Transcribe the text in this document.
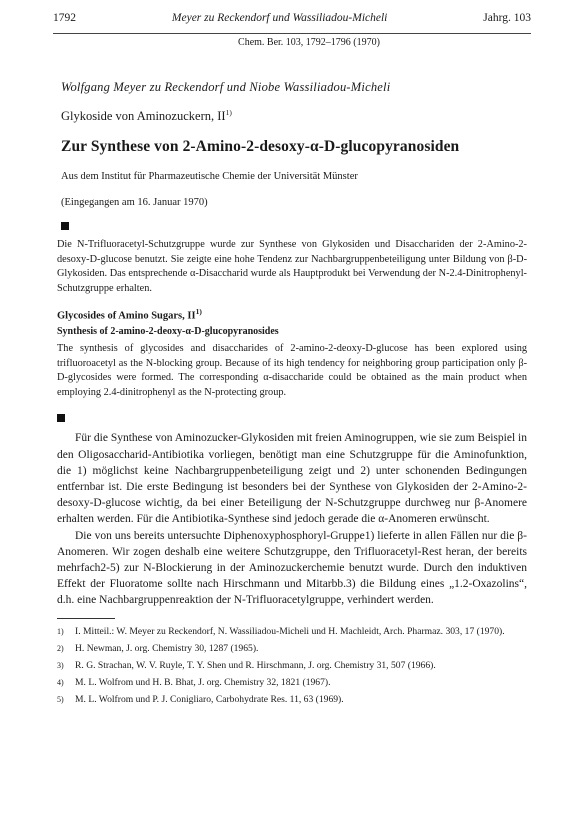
1792	Meyer zu Reckendorf und Wassiliadou-Micheli	Jahrg. 103
Chem. Ber. 103, 1792–1796 (1970)
Wolfgang Meyer zu Reckendorf und Niobe Wassiliadou-Micheli
Glykoside von Aminozuckern, II$^{1)}$
Zur Synthese von 2-Amino-2-desoxy-α-D-glucopyranosiden
Aus dem Institut für Pharmazeutische Chemie der Universität Münster
(Eingegangen am 16. Januar 1970)
Die N-Trifluoracetyl-Schutzgruppe wurde zur Synthese von Glykosiden und Disacchariden der 2-Amino-2-desoxy-D-glucose benutzt. Sie zeigte eine hohe Tendenz zur Nachbargruppenbeteiligung unter Bildung von β-D-Glykosiden. Das entsprechende α-Disaccharid wurde als Hauptprodukt bei Verwendung der N-2.4-Dinitrophenyl-Schutzgruppe erhalten.
Glycosides of Amino Sugars, II$^{1)}$
Synthesis of 2-amino-2-deoxy-α-D-glucopyranosides
The synthesis of glycosides and disaccharides of 2-amino-2-deoxy-D-glucose has been explored using trifluoroacetyl as the N-blocking group. Because of its high tendency for neighboring group participation only β-D-glycosides were formed. The corresponding α-disaccharide could be obtained as the main product when employing 2.4-dinitrophenyl as the N-protecting group.

Für die Synthese von Aminozucker-Glykosiden mit freien Aminogruppen, wie sie zum Beispiel in den Oligosaccharid-Antibiotika vorliegen, benötigt man eine Schutzgruppe für die Aminofunktion, die 1) möglichst keine Nachbargruppenbeteiligung zeigt und 2) unter schonenden Bedingungen entfernbar ist. Die erste Bedingung ist besonders bei der Synthese von Glykosiden der 2-Amino-2-desoxy-D-glucose wichtig, da bei einer Beteiligung der N-Schutzgruppe durchweg nur β-Anomere erhalten werden. Für die Antibiotika-Synthese sind jedoch gerade die α-Anomeren erwünscht.

Die von uns bereits untersuchte Diphenoxyphosphoryl-Gruppe1) lieferte in allen Fällen nur die β-Anomeren. Wir zogen deshalb eine weitere Schutzgruppe, den Trifluoracetyl-Rest heran, der bereits mehrfach2-5) zur N-Blockierung in der Aminozuckerchemie benutzt wurde. Durch den induktiven Effekt der Fluoratome sollte nach Hirschmann und Mitarbb.3) die Bildung eines „1.2-Oxazolins“, d.h. eine Nachbargruppenreaktion der N-Trifluoracetylgruppe, verhindert werden.

1)	I. Mitteil.: W. Meyer zu Reckendorf, N. Wassiliadou-Micheli und H. Machleidt, Arch. Pharmaz. 303, 17 (1970).
2)	H. Newman, J. org. Chemistry 30, 1287 (1965).
3)	R. G. Strachan, W. V. Ruyle, T. Y. Shen und R. Hirschmann, J. org. Chemistry 31, 507 (1966).
4)	M. L. Wolfrom und H. B. Bhat, J. org. Chemistry 32, 1821 (1967).
5)	M. L. Wolfrom und P. J. Conigliaro, Carbohydrate Res. 11, 63 (1969).
